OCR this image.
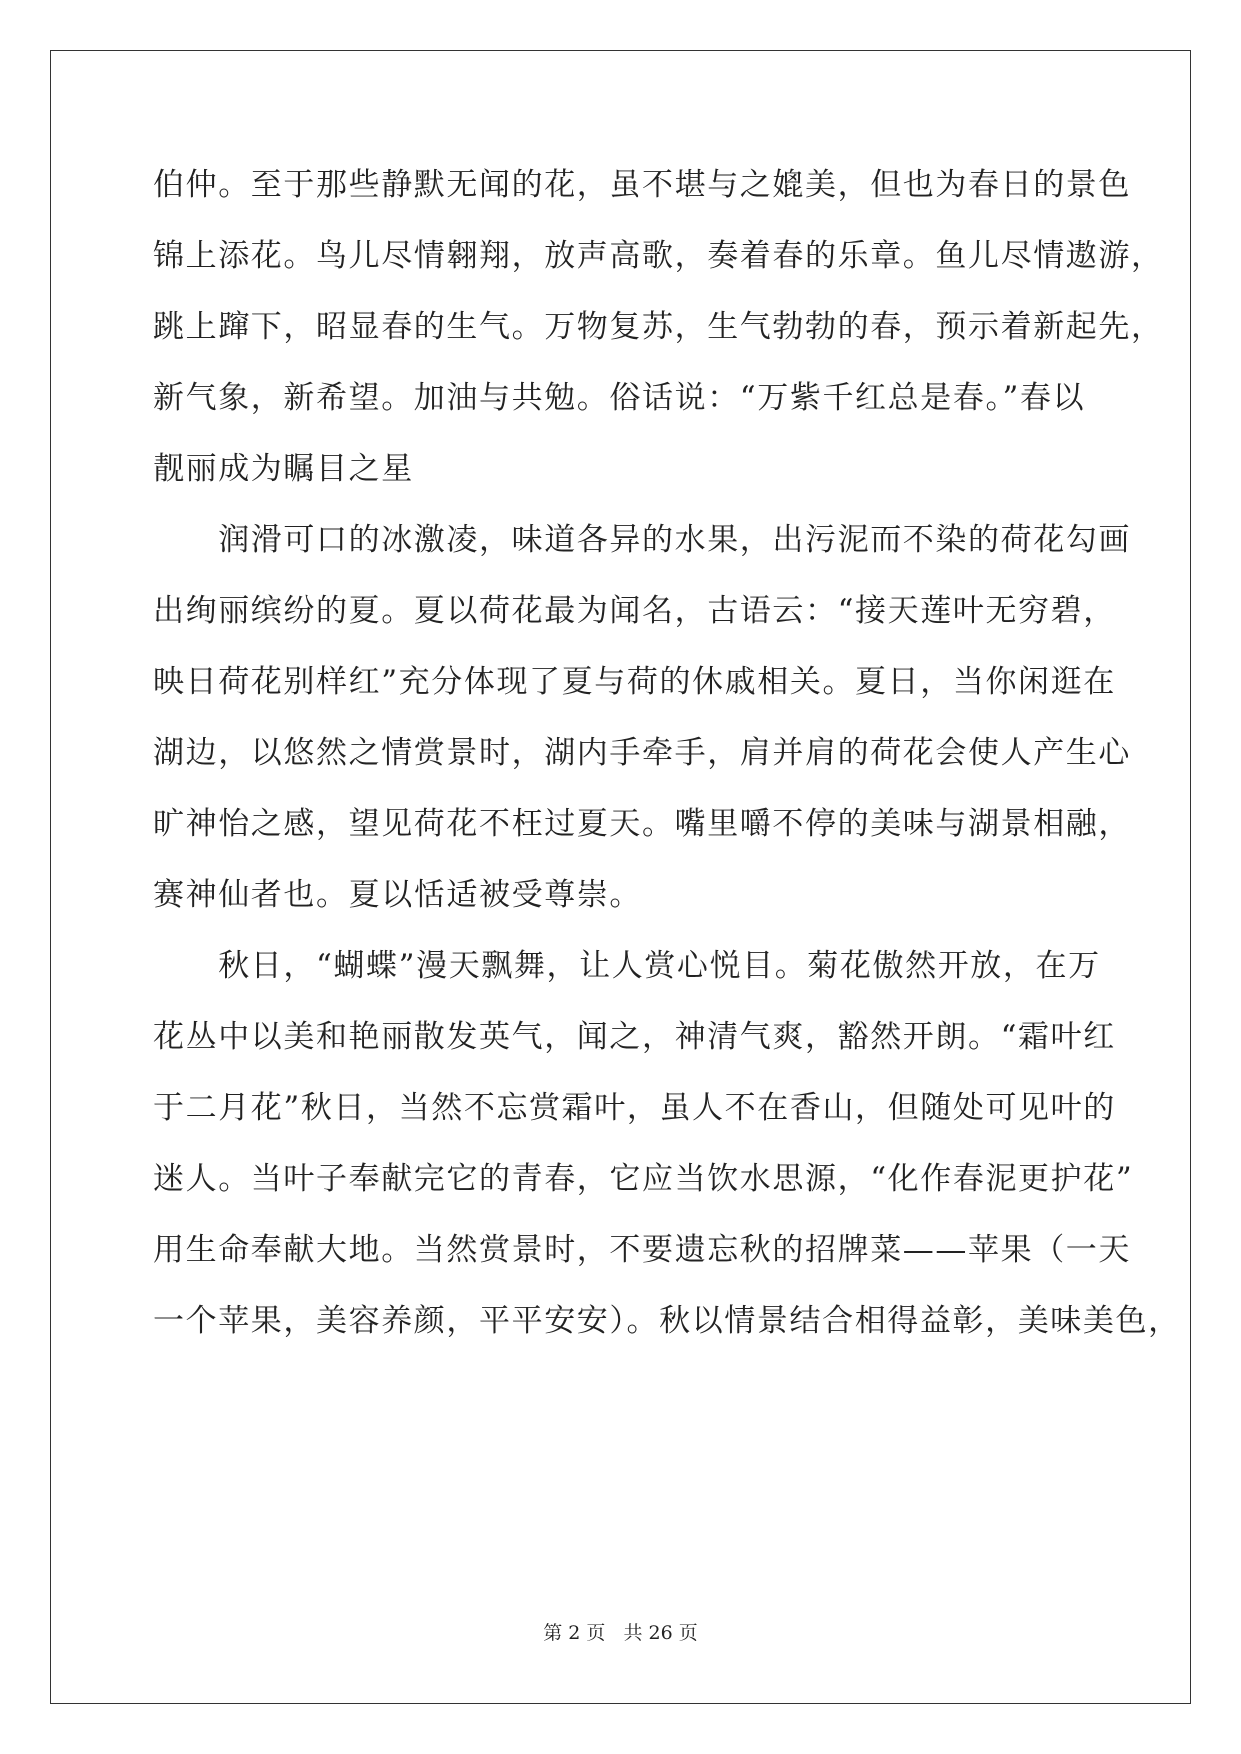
伯仲。至于那些静默无闻的花，虽不堪与之媲美，但也为春日的景色
锦上添花。鸟儿尽情翱翔，放声高歌，奏着春的乐章。鱼儿尽情遨游，
跳上蹿下，昭显春的生气。万物复苏，生气勃勃的春，预示着新起先，
新气象，新希望。加油与共勉。俗话说：“万紫千红总是春。”春以
靓丽成为瞩目之星
　　润滑可口的冰激凌，味道各异的水果，出污泥而不染的荷花勾画
出绚丽缤纷的夏。夏以荷花最为闻名，古语云：“接天莲叶无穷碧，
映日荷花别样红”充分体现了夏与荷的休戚相关。夏日，当你闲逛在
湖边，以悠然之情赏景时，湖内手牵手，肩并肩的荷花会使人产生心
旷神怡之感，望见荷花不枉过夏天。嘴里嚼不停的美味与湖景相融，
赛神仙者也。夏以恬适被受尊崇。
　　秋日，“蝴蝶”漫天飘舞，让人赏心悦目。菊花傲然开放，在万
花丛中以美和艳丽散发英气，闻之，神清气爽，豁然开朗。“霜叶红
于二月花”秋日，当然不忘赏霜叶，虽人不在香山，但随处可见叶的
迷人。当叶子奉献完它的青春，它应当饮水思源，“化作春泥更护花”
用生命奉献大地。当然赏景时，不要遗忘秋的招牌菜——苹果（一天
一个苹果，美容养颜，平平安安）。秋以情景结合相得益彰，美味美色，
第 2 页 共 26 页
